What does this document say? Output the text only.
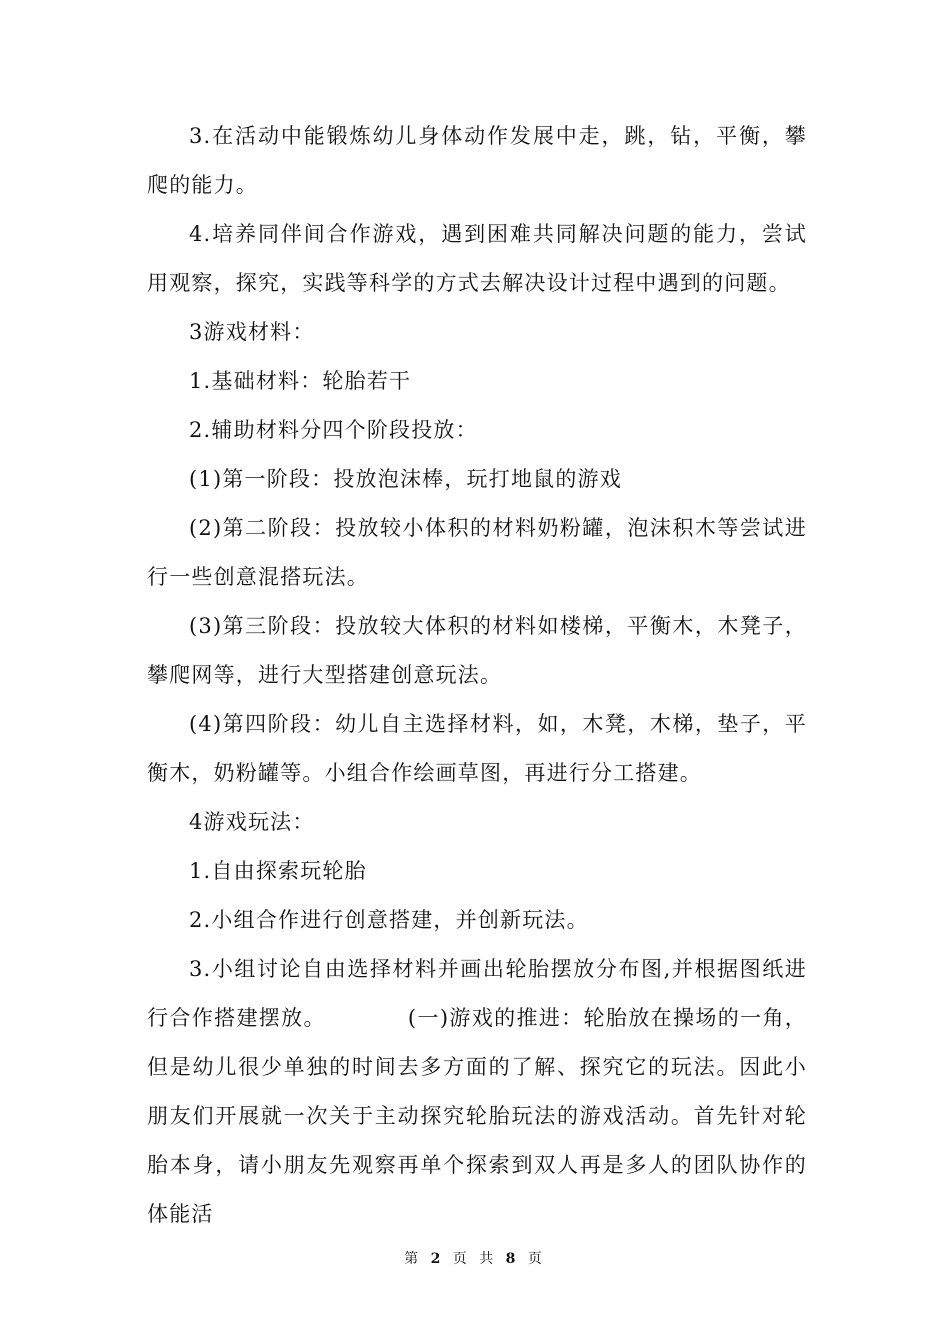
3.在活动中能锻炼幼儿身体动作发展中走，跳，钻，平衡，攀爬的能力。

4.培养同伴间合作游戏，遇到困难共同解决问题的能力，尝试用观察，探究，实践等科学的方式去解决设计过程中遇到的问题。

3游戏材料：

1.基础材料：轮胎若干

2.辅助材料分四个阶段投放：

(1)第一阶段：投放泡沫棒，玩打地鼠的游戏

(2)第二阶段：投放较小体积的材料奶粉罐，泡沫积木等尝试进行一些创意混搭玩法。

(3)第三阶段：投放较大体积的材料如楼梯，平衡木，木凳子，攀爬网等，进行大型搭建创意玩法。

(4)第四阶段：幼儿自主选择材料，如，木凳，木梯，垫子，平衡木，奶粉罐等。小组合作绘画草图，再进行分工搭建。

4游戏玩法：

1.自由探索玩轮胎

2.小组合作进行创意搭建，并创新玩法。

3.小组讨论自由选择材料并画出轮胎摆放分布图,并根据图纸进行合作搭建摆放。	(一)游戏的推进：轮胎放在操场的一角，但是幼儿很少单独的时间去多方面的了解、探究它的玩法。因此小朋友们开展就一次关于主动探究轮胎玩法的游戏活动。首先针对轮胎本身，请小朋友先观察再单个探索到双人再是多人的团队协作的体能活

第 2 页 共 8 页
